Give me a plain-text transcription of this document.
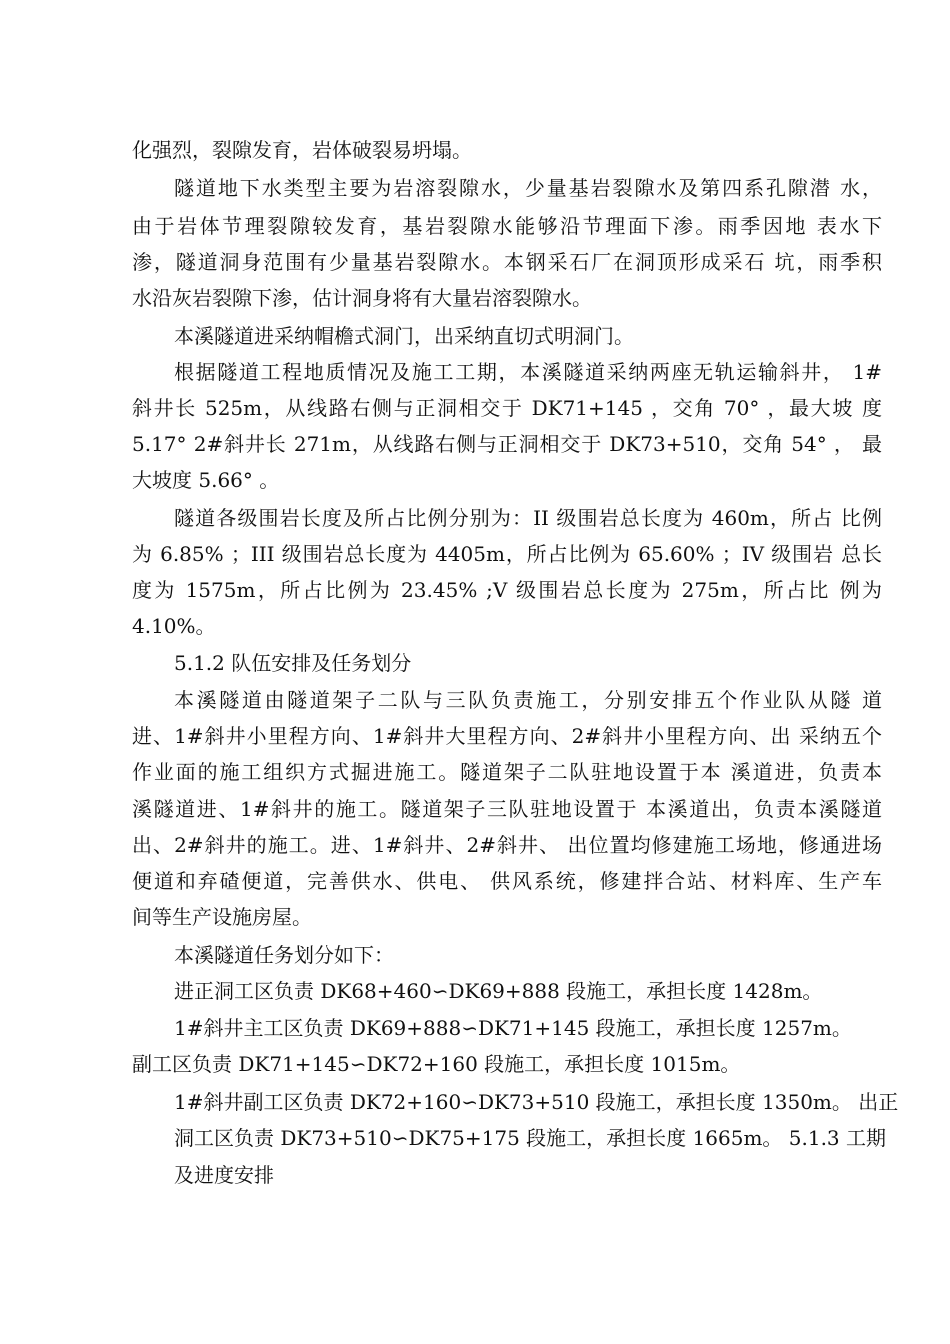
化强烈，裂隙发育，岩体破裂易坍塌。
隧道地下水类型主要为岩溶裂隙水，少量基岩裂隙水及第四系孔隙潜 水，
由于岩体节理裂隙较发育，基岩裂隙水能够沿节理面下渗。雨季因地 表水下
渗，隧道洞身范围有少量基岩裂隙水。本钢采石厂在洞顶形成采石 坑，雨季积
水沿灰岩裂隙下渗，估计洞身将有大量岩溶裂隙水。
本溪隧道进采纳帽檐式洞门，出采纳直切式明洞门。
根据隧道工程地质情况及施工工期，本溪隧道采纳两座无轨运输斜井， 1#
斜井长 525m，从线路右侧与正洞相交于 DK71+145 ，交角 70° ，最大坡 度
5.17° 2#斜井长 271m，从线路右侧与正洞相交于 DK73+510，交角 54° ， 最
大坡度 5.66° 。
隧道各级围岩长度及所占比例分别为：II 级围岩总长度为 460m，所占 比例
为 6.85% ；III 级围岩总长度为 4405m，所占比例为 65.60% ；IV 级围岩 总长
度为 1575m，所占比例为 23.45% ;V 级围岩总长度为 275m，所占比 例为
4.10%。
5.1.2 队伍安排及任务划分
本溪隧道由隧道架子二队与三队负责施工，分别安排五个作业队从隧 道
进、1#斜井小里程方向、1#斜井大里程方向、2#斜井小里程方向、出 采纳五个
作业面的施工组织方式掘进施工。隧道架子二队驻地设置于本 溪道进，负责本
溪隧道进、1#斜井的施工。隧道架子三队驻地设置于 本溪道出，负责本溪隧道
出、2#斜井的施工。进、1#斜井、2#斜井、 出位置均修建施工场地，修通进场
便道和弃碴便道，完善供水、供电、 供风系统，修建拌合站、材料库、生产车
间等生产设施房屋。
本溪隧道任务划分如下：
进正洞工区负责 DK68+460∽DK69+888 段施工，承担长度 1428m。
1#斜井主工区负责 DK69+888∽DK71+145 段施工，承担长度 1257m。
副工区负责 DK71+145∽DK72+160 段施工，承担长度 1015m。
1#斜井副工区负责 DK72+160∽DK73+510 段施工，承担长度 1350m。 出正
洞工区负责 DK73+510∽DK75+175 段施工，承担长度 1665m。 5.1.3 工期
及进度安排
